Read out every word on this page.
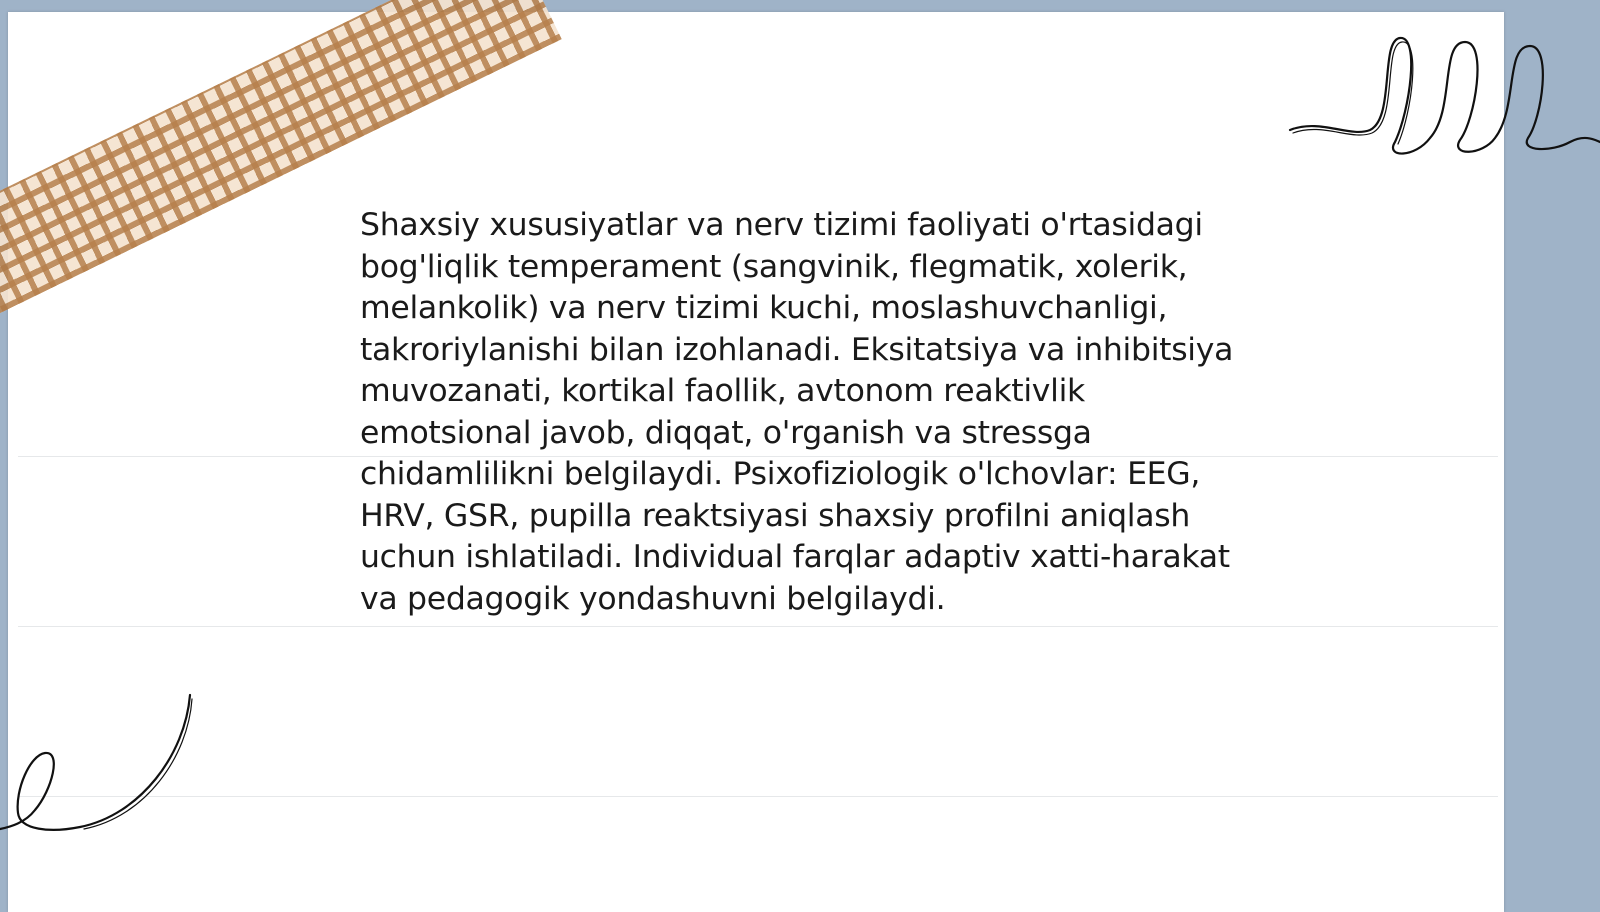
Shaxsiy xususiyatlar va nerv tizimi faoliyati o'rtasidagi bog'liqlik temperament (sangvinik, flegmatik, xolerik, melankolik) va nerv tizimi kuchi, moslashuvchanligi, takroriylanishi bilan izohlanadi. Eksitatsiya va inhibitsiya muvozanati, kortikal faollik, avtonom reaktivlik emotsional javob, diqqat, o'rganish va stressga chidamlilikni belgilaydi. Psixofiziologik o'lchovlar: EEG, HRV, GSR, pupilla reaktsiyasi shaxsiy profilni aniqlash uchun ishlatiladi. Individual farqlar adaptiv xatti-harakat va pedagogik yondashuvni belgilaydi.
